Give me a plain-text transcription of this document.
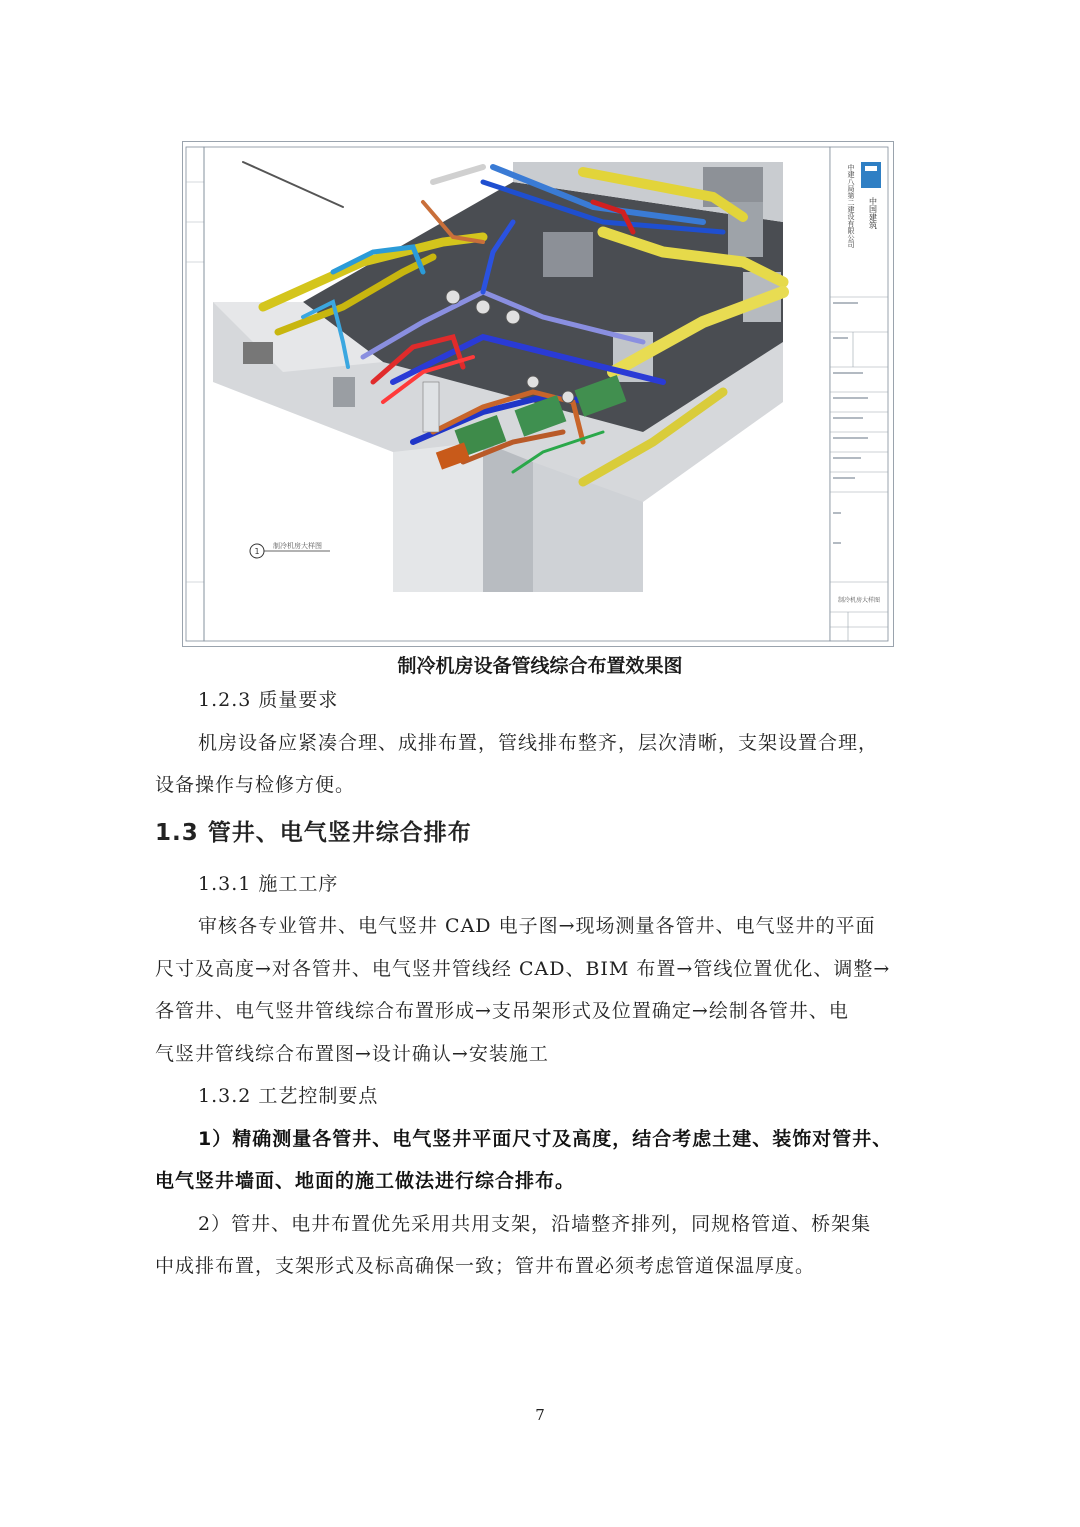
1
制冷机房大样图
中国建筑
中建八局第二建设有限公司
制冷机房大样图
制冷机房设备管线综合布置效果图
1.2.3 质量要求
机房设备应紧凑合理、成排布置，管线排布整齐，层次清晰，支架设置合理，
设备操作与检修方便。
1.3 管井、电气竖井综合排布
1.3.1 施工工序
审核各专业管井、电气竖井 CAD 电子图→现场测量各管井、电气竖井的平面
尺寸及高度→对各管井、电气竖井管线经 CAD、BIM 布置→管线位置优化、调整→
各管井、电气竖井管线综合布置形成→支吊架形式及位置确定→绘制各管井、电
气竖井管线综合布置图→设计确认→安装施工
1.3.2 工艺控制要点
1）精确测量各管井、电气竖井平面尺寸及高度，结合考虑土建、装饰对管井、
电气竖井墙面、地面的施工做法进行综合排布。
2）管井、电井布置优先采用共用支架，沿墙整齐排列，同规格管道、桥架集
中成排布置，支架形式及标高确保一致；管井布置必须考虑管道保温厚度。
7
